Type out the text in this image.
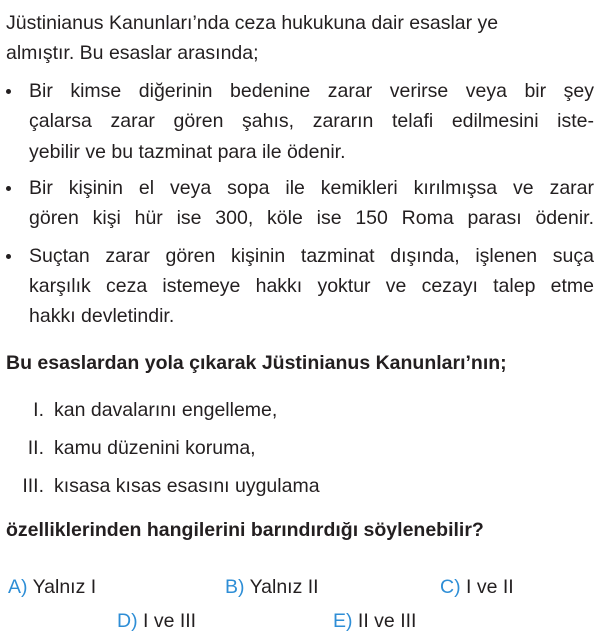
Jüstinianus Kanunları’nda ceza hukukuna dair esaslar ye
almıştır. Bu esaslar arasında;
Bir kimse diğerinin bedenine zarar verirse veya bir şey
çalarsa zarar gören şahıs, zararın telafi edilmesini iste-
yebilir ve bu tazminat para ile ödenir.
Bir kişinin el veya sopa ile kemikleri kırılmışsa ve zarar
gören kişi hür ise 300, köle ise 150 Roma parası ödenir.
Suçtan zarar gören kişinin tazminat dışında, işlenen suça
karşılık ceza istemeye hakkı yoktur ve cezayı talep etme
hakkı devletindir.
Bu esaslardan yola çıkarak Jüstinianus Kanunları’nın;
I. kan davalarını engelleme,
II. kamu düzenini koruma,
III. kısasa kısas esasını uygulama
özelliklerinden hangilerini barındırdığı söylenebilir?
A) Yalnız I	B) Yalnız II	C) I ve II
D) I ve III	E) II ve III
